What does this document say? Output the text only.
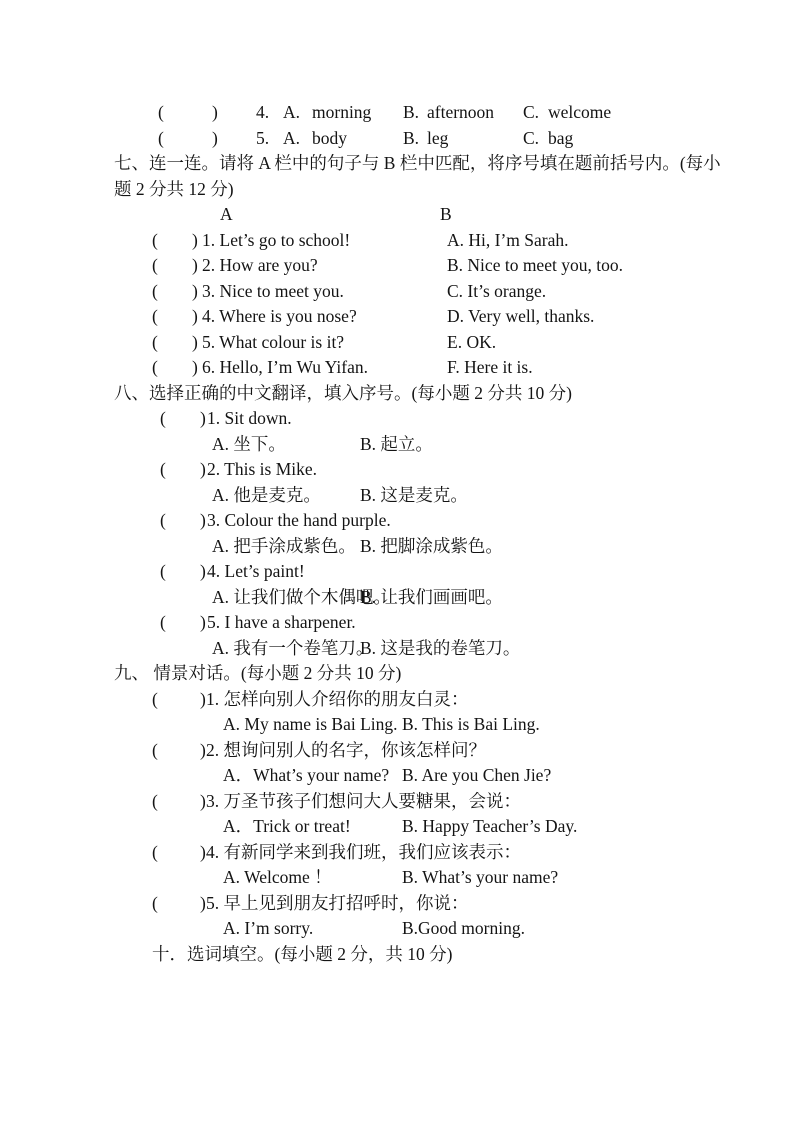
(	) 4. A. morning B. afternoon C. welcome
(	) 5. A. body	B. leg	C. bag
七、连一连。请将 A 栏中的句子与 B 栏中匹配，将序号填在题前括号内。(每小
题 2 分共 12 分)
A	B
( ) 1. Let’s go to school!	A. Hi, I’m Sarah.
( ) 2. How are you?	B. Nice to meet you, too.
( ) 3. Nice to meet you.	C. It’s orange.
( ) 4. Where is you nose?	D. Very well, thanks.
( ) 5. What colour is it?	E. OK.
( ) 6. Hello, I’m Wu Yifan.	F. Here it is.
八、选择正确的中文翻译，填入序号。(每小题 2 分共 10 分)
( ) 1. Sit down.
A. 坐下。	B. 起立。
( ) 2. This is Mike.
A. 他是麦克。 B. 这是麦克。
( ) 3. Colour the hand purple.
A. 把手涂成紫色。 B. 把脚涂成紫色。
( ) 4. Let’s paint!
A. 让我们做个木偶吧。
B. 让我们画画吧。
( ) 5. I have a sharpener.
A. 我有一个卷笔刀。
B. 这是我的卷笔刀。
九、 情景对话。(每小题 2 分共 10 分)
( ) 1. 怎样向别人介绍你的朋友白灵：
A. My name is Bai Ling. B. This is Bai Ling.
( ) 2. 想询问别人的名字，你该怎样问？
A．What’s your name? B. Are you Chen Jie?
( ) 3. 万圣节孩子们想问大人要糖果，会说：
A．Trick or treat!	B. Happy Teacher’s Day.
( ) 4. 有新同学来到我们班，我们应该表示：
A. Welcome ！	B. What’s your name?
( ) 5. 早上见到朋友打招呼时，你说：
A. I’m sorry.	B.Good morning.
十．选词填空。(每小题 2 分，共 10 分)
